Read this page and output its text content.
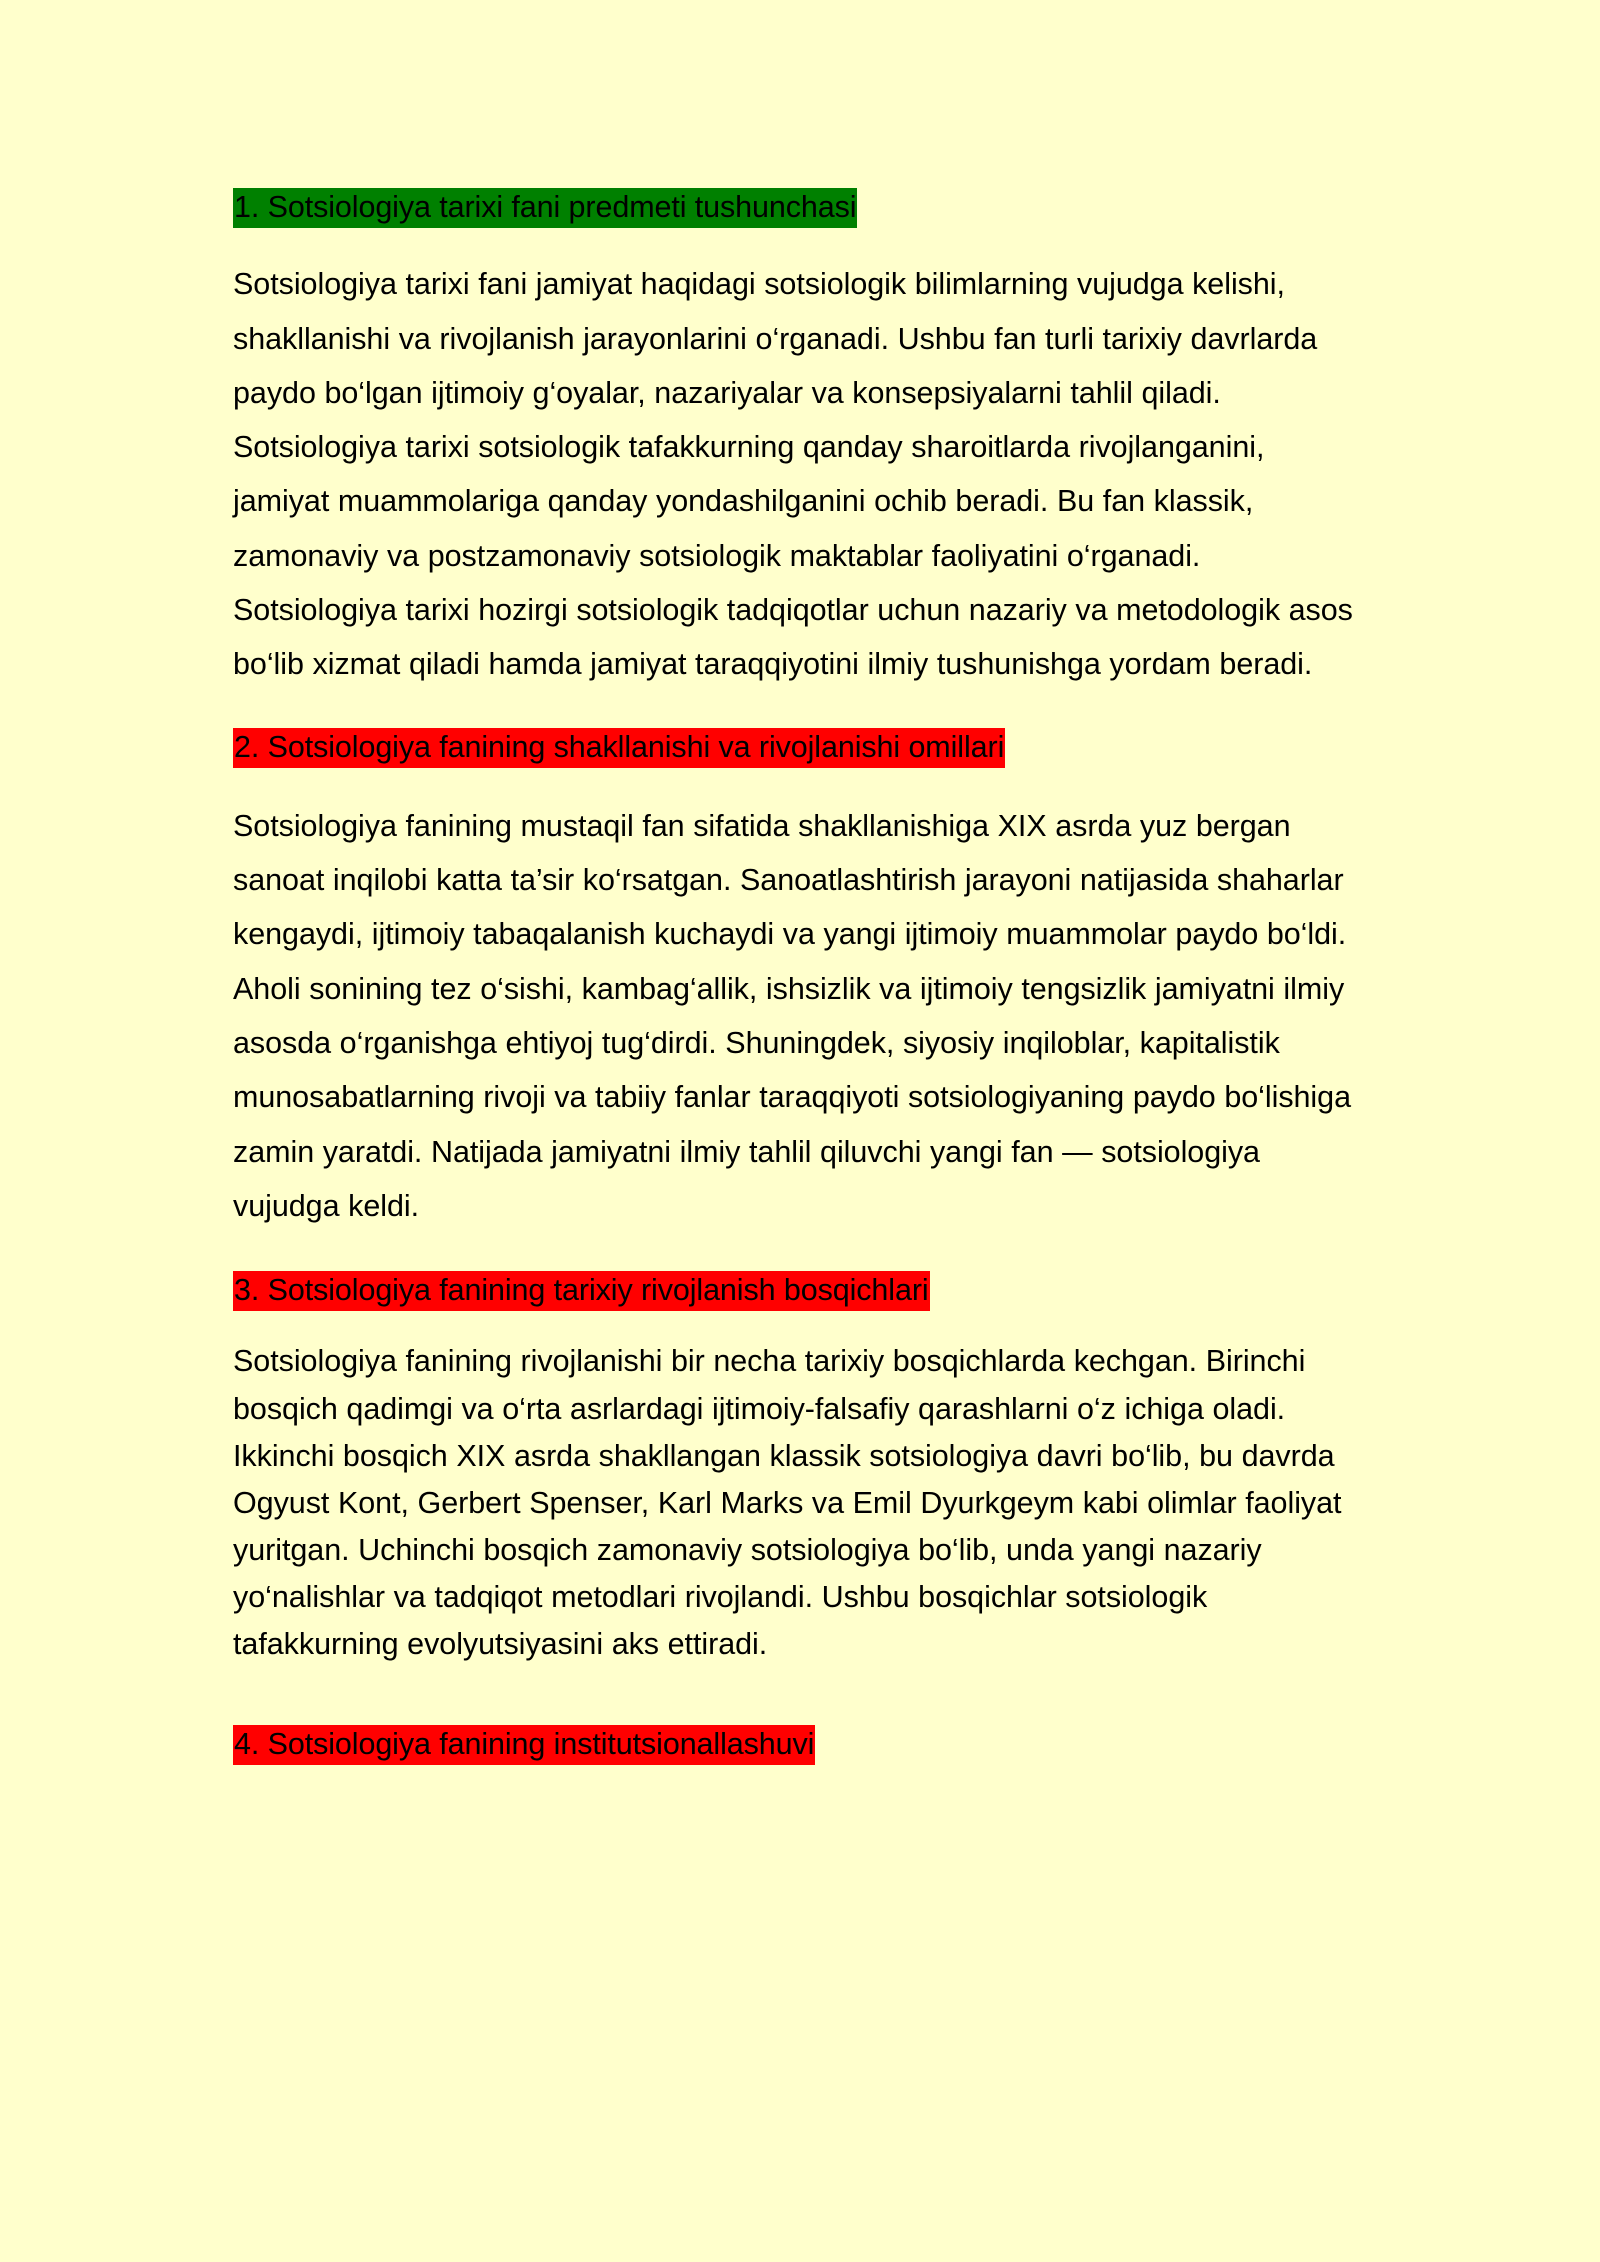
1. Sotsiologiya tarixi fani predmeti tushunchasi

Sotsiologiya tarixi fani jamiyat haqidagi sotsiologik bilimlarning vujudga kelishi, shakllanishi va rivojlanish jarayonlarini o‘rganadi. Ushbu fan turli tarixiy davrlarda paydo bo‘lgan ijtimoiy g‘oyalar, nazariyalar va konsepsiyalarni tahlil qiladi. Sotsiologiya tarixi sotsiologik tafakkurning qanday sharoitlarda rivojlanganini, jamiyat muammolariga qanday yondashilganini ochib beradi. Bu fan klassik, zamonaviy va postzamonaviy sotsiologik maktablar faoliyatini o‘rganadi. Sotsiologiya tarixi hozirgi sotsiologik tadqiqotlar uchun nazariy va metodologik asos bo‘lib xizmat qiladi hamda jamiyat taraqqiyotini ilmiy tushunishga yordam beradi.

2. Sotsiologiya fanining shakllanishi va rivojlanishi omillari

Sotsiologiya fanining mustaqil fan sifatida shakllanishiga XIX asrda yuz bergan sanoat inqilobi katta ta’sir ko‘rsatgan. Sanoatlashtirish jarayoni natijasida shaharlar kengaydi, ijtimoiy tabaqalanish kuchaydi va yangi ijtimoiy muammolar paydo bo‘ldi. Aholi sonining tez o‘sishi, kambag‘allik, ishsizlik va ijtimoiy tengsizlik jamiyatni ilmiy asosda o‘rganishga ehtiyoj tug‘dirdi. Shuningdek, siyosiy inqiloblar, kapitalistik munosabatlarning rivoji va tabiiy fanlar taraqqiyoti sotsiologiyaning paydo bo‘lishiga zamin yaratdi. Natijada jamiyatni ilmiy tahlil qiluvchi yangi fan — sotsiologiya vujudga keldi.

3. Sotsiologiya fanining tarixiy rivojlanish bosqichlari

Sotsiologiya fanining rivojlanishi bir necha tarixiy bosqichlarda kechgan. Birinchi bosqich qadimgi va o‘rta asrlardagi ijtimoiy-falsafiy qarashlarni o‘z ichiga oladi. Ikkinchi bosqich XIX asrda shakllangan klassik sotsiologiya davri bo‘lib, bu davrda Ogyust Kont, Gerbert Spenser, Karl Marks va Emil Dyurkgeym kabi olimlar faoliyat yuritgan. Uchinchi bosqich zamonaviy sotsiologiya bo‘lib, unda yangi nazariy yo‘nalishlar va tadqiqot metodlari rivojlandi. Ushbu bosqichlar sotsiologik tafakkurning evolyutsiyasini aks ettiradi.

4. Sotsiologiya fanining institutsionallashuvi
